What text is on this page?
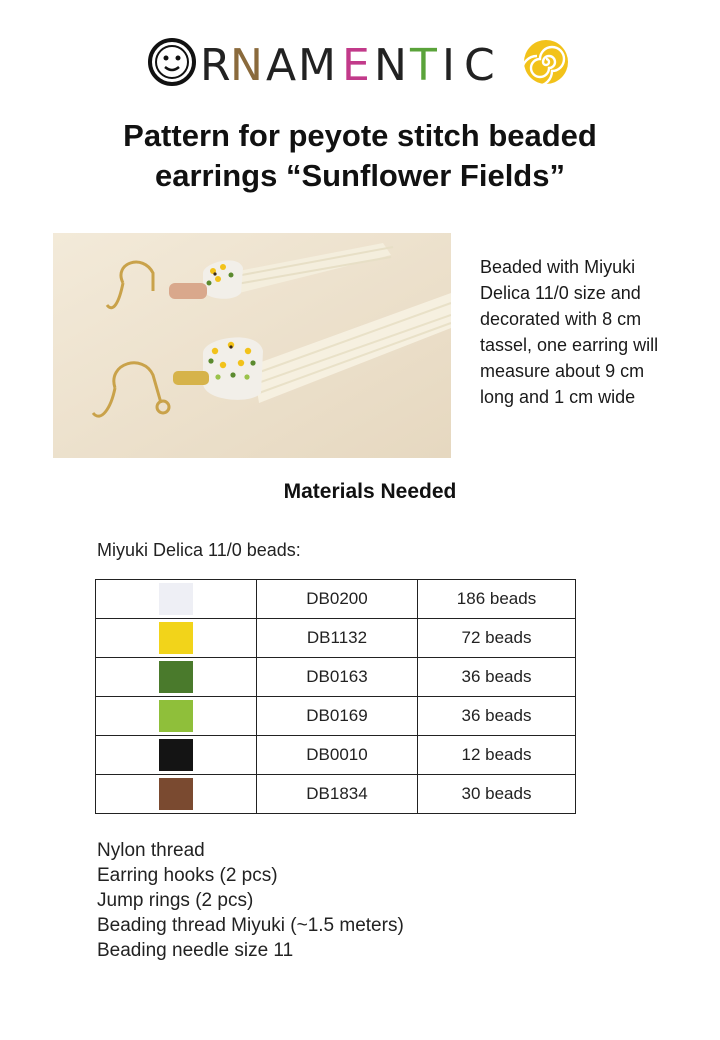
R N A M E N T I C
Pattern for peyote stitch beaded
earrings “Sunflower Fields”
Beaded with Miyuki
Delica 11/0 size and
decorated with 8 cm
tassel, one earring will
measure about 9 cm
long and 1 cm wide
Materials Needed
Miyuki Delica 11/0 beads:
	DB0200	186 beads
	DB1132	72 beads
	DB0163	36 beads
	DB0169	36 beads
	DB0010	12 beads
	DB1834	30 beads
Nylon thread
Earring hooks (2 pcs)
Jump rings (2 pcs)
Beading thread Miyuki (~1.5 meters)
Beading needle size 11
